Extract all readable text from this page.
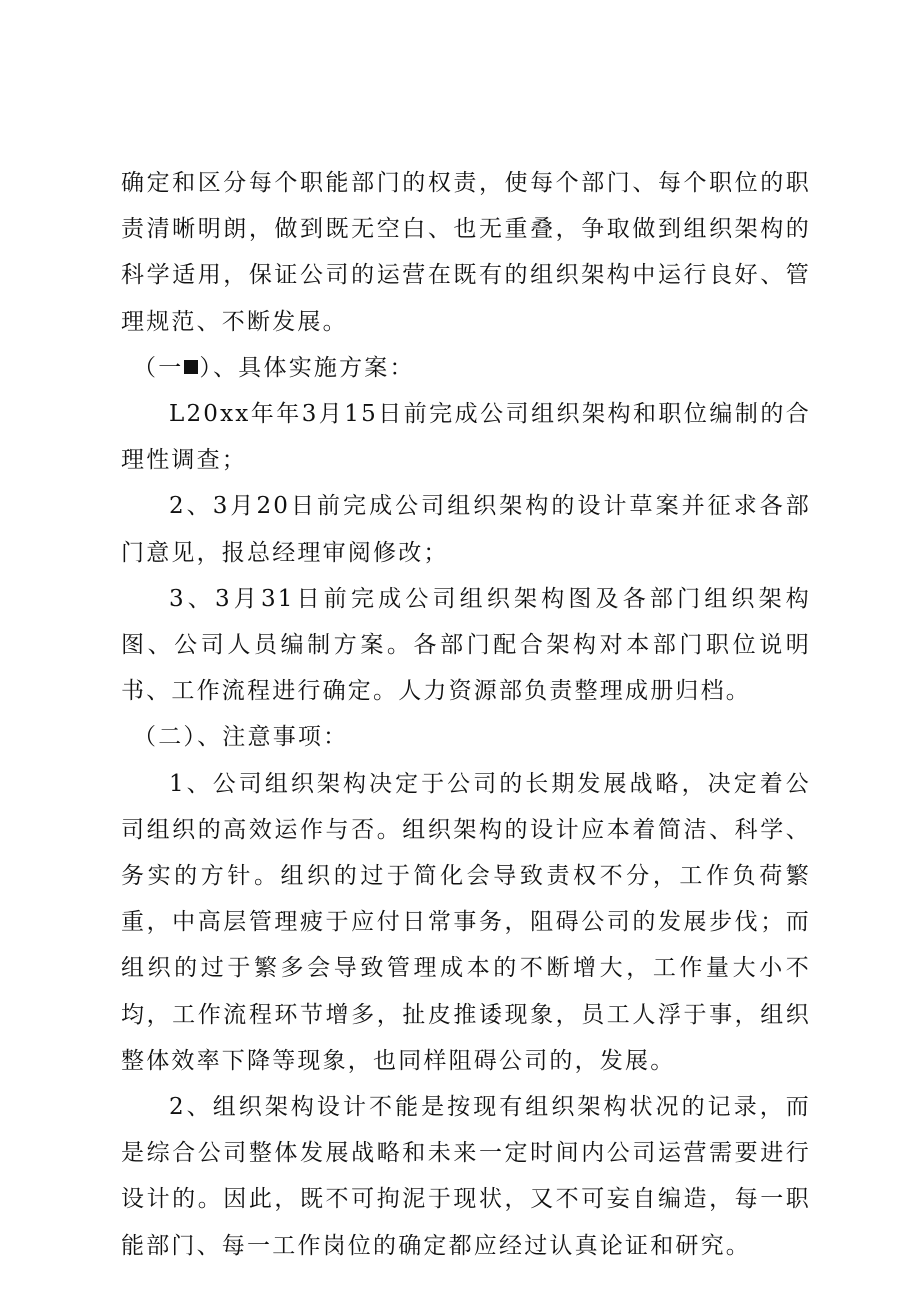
确定和区分每个职能部门的权责，使每个部门、每个职位的职责清晰明朗，做到既无空白、也无重叠，争取做到组织架构的科学适用，保证公司的运营在既有的组织架构中运行良好、管理规范、不断发展。

（一 ）、具体实施方案：

L20xx年年3月15日前完成公司组织架构和职位编制的合理性调查；

2、3月20日前完成公司组织架构的设计草案并征求各部门意见，报总经理审阅修改；

3、3月31日前完成公司组织架构图及各部门组织架构图、公司人员编制方案。各部门配合架构对本部门职位说明书、工作流程进行确定。人力资源部负责整理成册归档。

（二）、注意事项：

1、公司组织架构决定于公司的长期发展战略，决定着公司组织的高效运作与否。组织架构的设计应本着简洁、科学、务实的方针。组织的过于简化会导致责权不分，工作负荷繁重，中高层管理疲于应付日常事务，阻碍公司的发展步伐；而组织的过于繁多会导致管理成本的不断增大，工作量大小不均，工作流程环节增多，扯皮推诿现象，员工人浮于事，组织整体效率下降等现象，也同样阻碍公司的，发展。

2、组织架构设计不能是按现有组织架构状况的记录，而是综合公司整体发展战略和未来一定时间内公司运营需要进行设计的。因此，既不可拘泥于现状，又不可妄自编造，每一职能部门、每一工作岗位的确定都应经过认真论证和研究。
